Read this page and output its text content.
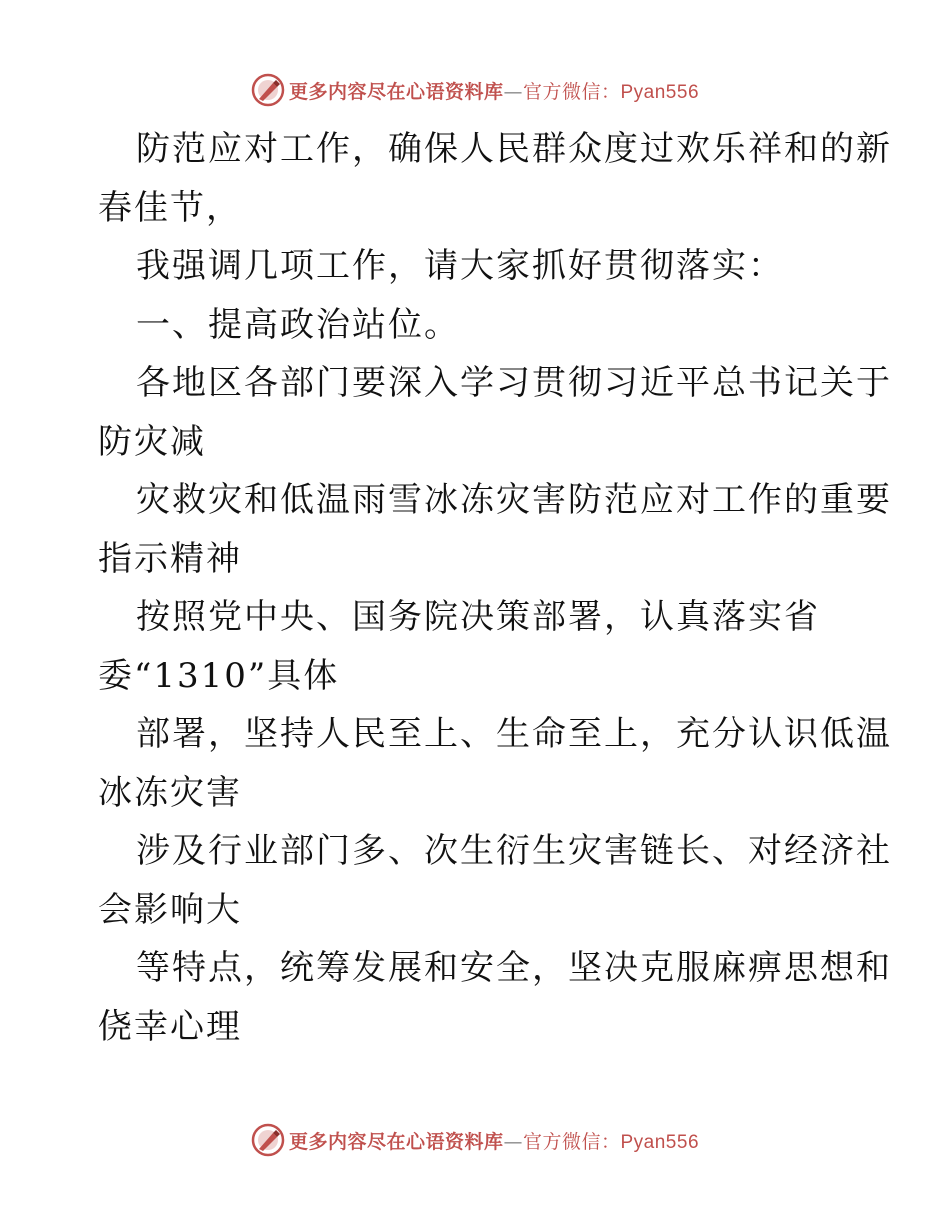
更多内容尽在心语资料库—官方微信：Pyan556
防范应对工作，确保人民群众度过欢乐祥和的新
春佳节，
我强调几项工作，请大家抓好贯彻落实：
一、提高政治站位。
各地区各部门要深入学习贯彻习近平总书记关于
防灾减
灾救灾和低温雨雪冰冻灾害防范应对工作的重要
指示精神
按照党中央、国务院决策部署，认真落实省
委“1310”具体
部署，坚持人民至上、生命至上，充分认识低温
冰冻灾害
涉及行业部门多、次生衍生灾害链长、对经济社
会影响大
等特点，统筹发展和安全，坚决克服麻痹思想和
侥幸心理
更多内容尽在心语资料库—官方微信：Pyan556
